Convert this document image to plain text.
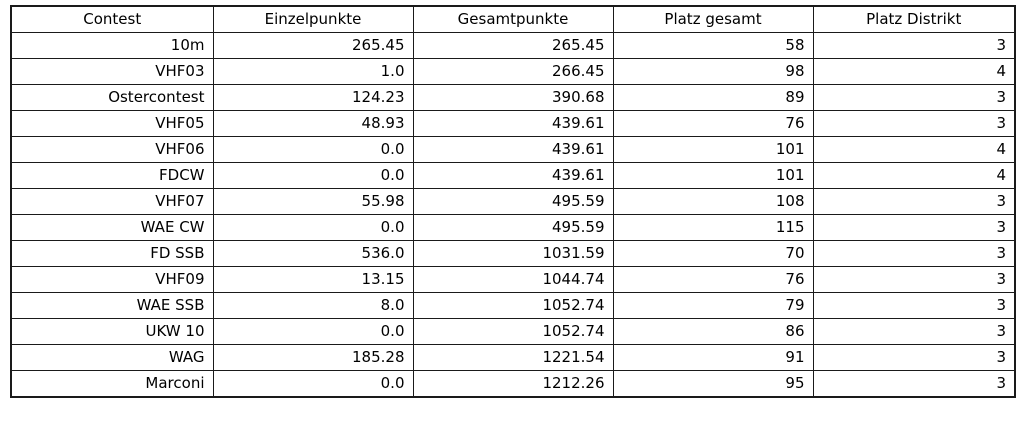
Contest	Einzelpunkte	Gesamtpunkte	Platz gesamt	Platz Distrikt
10m	265.45	265.45	58	3
VHF03	1.0	266.45	98	4
Ostercontest	124.23	390.68	89	3
VHF05	48.93	439.61	76	3
VHF06	0.0	439.61	101	4
FDCW	0.0	439.61	101	4
VHF07	55.98	495.59	108	3
WAE CW	0.0	495.59	115	3
FD SSB	536.0	1031.59	70	3
VHF09	13.15	1044.74	76	3
WAE SSB	8.0	1052.74	79	3
UKW 10	0.0	1052.74	86	3
WAG	185.28	1221.54	91	3
Marconi	0.0	1212.26	95	3
